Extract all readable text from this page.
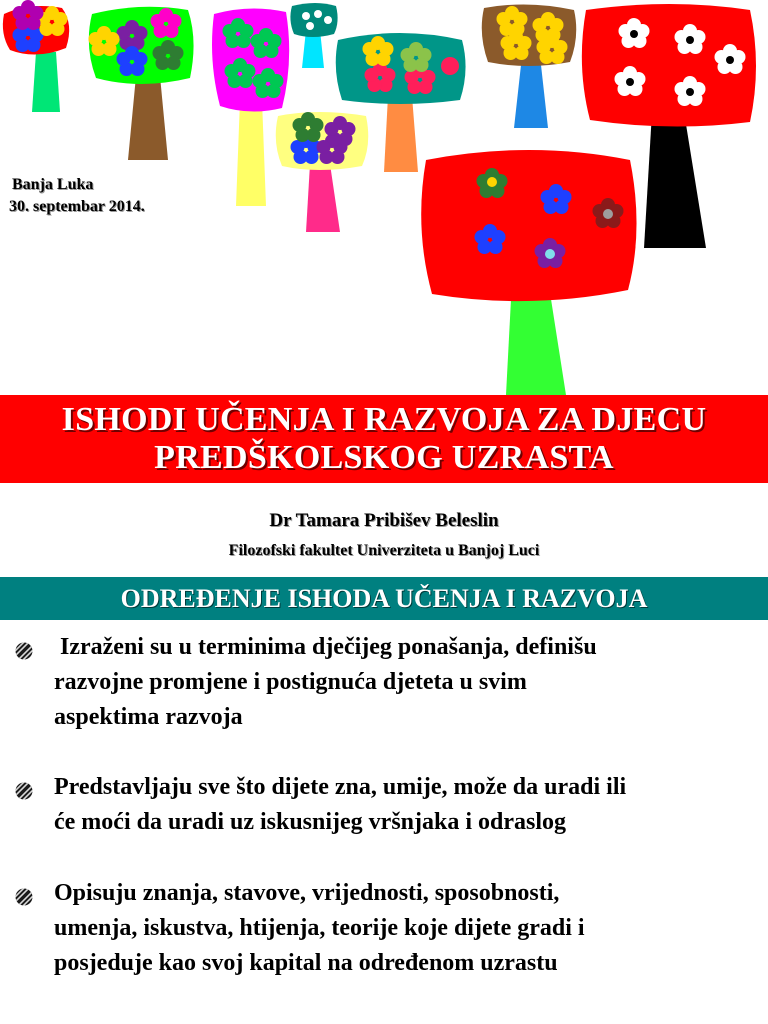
Banja Luka
30. septembar 2014.
ISHODI UČENJA I RAZVOJA ZA DJECU
PREDŠKOLSKOG UZRASTA
Dr Tamara Pribišev Beleslin
Filozofski fakultet Univerziteta u Banjoj Luci
ODREĐENJE ISHODA UČENJA I RAZVOJA
Izraženi su u terminima dječijeg ponašanja, definišu
razvojne promjene i postignuća djeteta u svim
aspektima razvoja
Predstavljaju sve što dijete zna, umije, može da uradi ili
će moći da uradi uz iskusnijeg vršnjaka i odraslog
Opisuju znanja, stavove, vrijednosti, sposobnosti,
umenja, iskustva, htijenja, teorije koje dijete gradi i
posjeduje kao svoj kapital na određenom uzrastu
